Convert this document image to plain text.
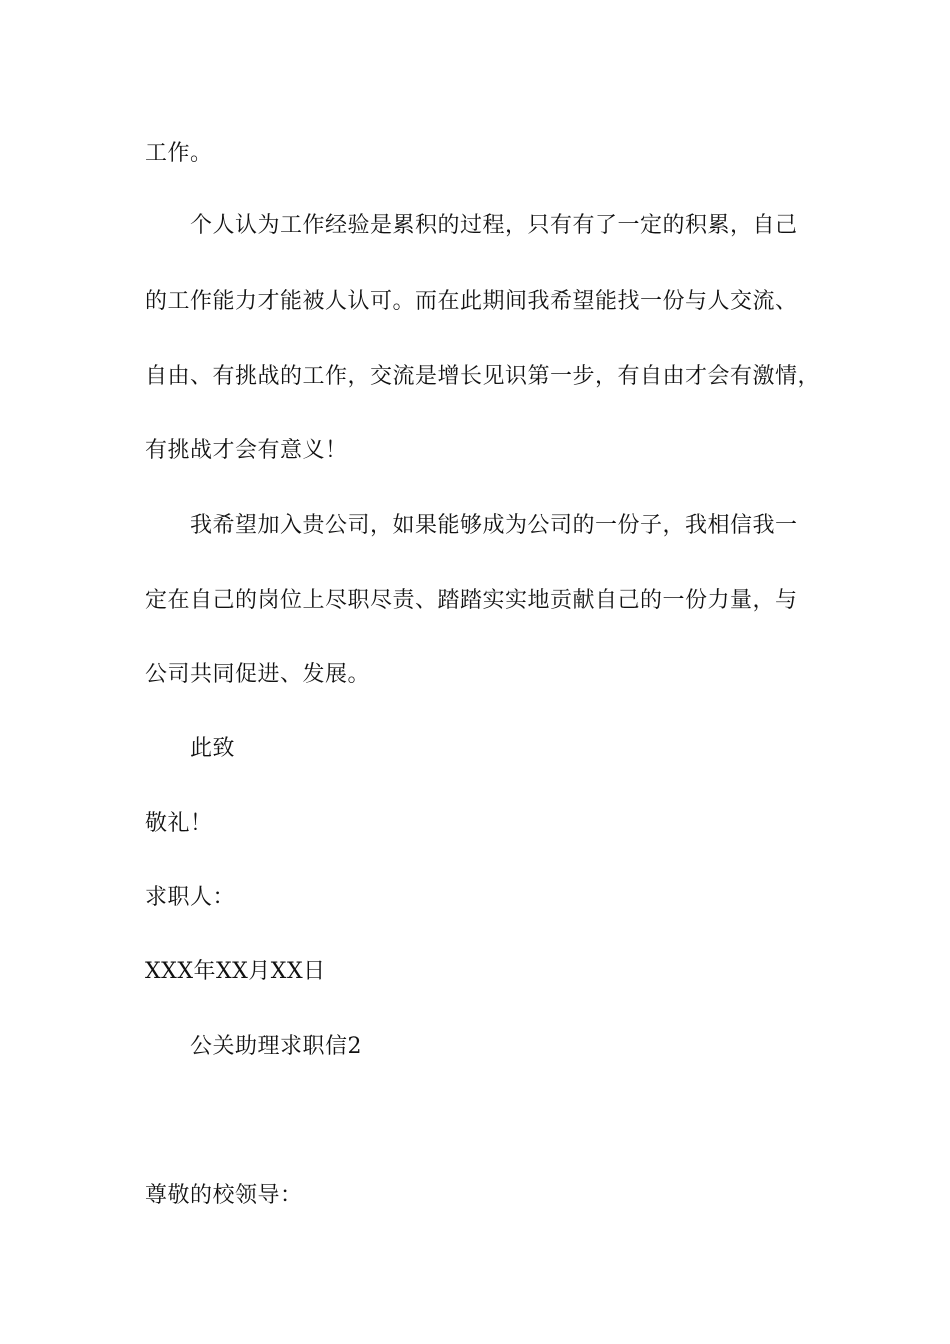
工作。
个人认为工作经验是累积的过程，只有有了一定的积累，自己
的工作能力才能被人认可。而在此期间我希望能找一份与人交流、
自由、有挑战的工作，交流是增长见识第一步，有自由才会有激情，
有挑战才会有意义！
我希望加入贵公司，如果能够成为公司的一份子，我相信我一
定在自己的岗位上尽职尽责、踏踏实实地贡献自己的一份力量，与
公司共同促进、发展。
此致
敬礼！
求职人：
XXX年XX月XX日
公关助理求职信2
尊敬的校领导：
